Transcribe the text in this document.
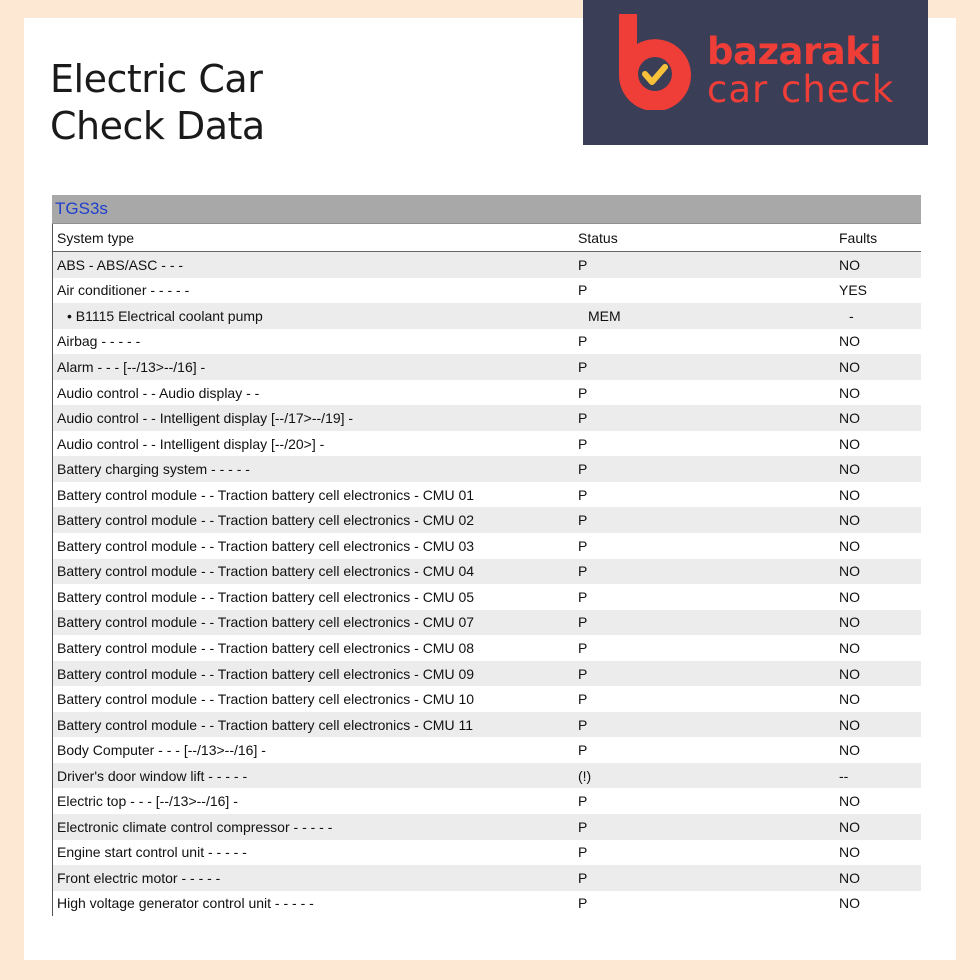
Electric Car
Check Data
bazaraki
car check
TGS3s
System type	Status	Faults
ABS - ABS/ASC - - -	P	NO
Air conditioner - - - - -	P	YES
• B1115 Electrical coolant pump	MEM	-
Airbag - - - - -	P	NO
Alarm - - - [--/13>--/16] -	P	NO
Audio control - - Audio display - -	P	NO
Audio control - - Intelligent display [--/17>--/19] -	P	NO
Audio control - - Intelligent display [--/20>] -	P	NO
Battery charging system - - - - -	P	NO
Battery control module - - Traction battery cell electronics - CMU 01	P	NO
Battery control module - - Traction battery cell electronics - CMU 02	P	NO
Battery control module - - Traction battery cell electronics - CMU 03	P	NO
Battery control module - - Traction battery cell electronics - CMU 04	P	NO
Battery control module - - Traction battery cell electronics - CMU 05	P	NO
Battery control module - - Traction battery cell electronics - CMU 07	P	NO
Battery control module - - Traction battery cell electronics - CMU 08	P	NO
Battery control module - - Traction battery cell electronics - CMU 09	P	NO
Battery control module - - Traction battery cell electronics - CMU 10	P	NO
Battery control module - - Traction battery cell electronics - CMU 11	P	NO
Body Computer - - - [--/13>--/16] -	P	NO
Driver's door window lift - - - - -	(!)	--
Electric top - - - [--/13>--/16] -	P	NO
Electronic climate control compressor - - - - -	P	NO
Engine start control unit - - - - -	P	NO
Front electric motor - - - - -	P	NO
High voltage generator control unit - - - - -	P	NO
